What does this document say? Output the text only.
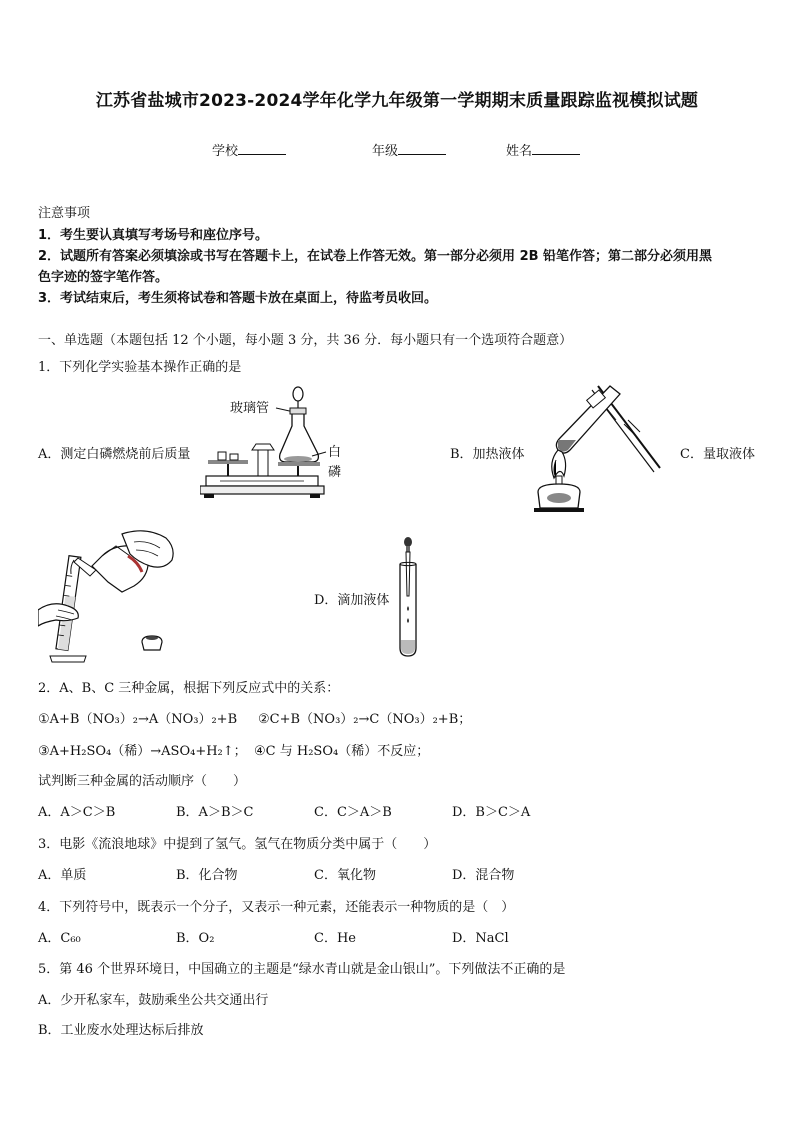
江苏省盐城市2023-2024学年化学九年级第一学期期末质量跟踪监视模拟试题
学校	年级	姓名
注意事项
1．考生要认真填写考场号和座位序号。
2．试题所有答案必须填涂或书写在答题卡上，在试卷上作答无效。第一部分必须用 2B 铅笔作答；第二部分必须用黑
色字迹的签字笔作答。
3．考试结束后，考生须将试卷和答题卡放在桌面上，待监考员收回。
一、单选题（本题包括 12 个小题，每小题 3 分，共 36 分．每小题只有一个选项符合题意）
1．下列化学实验基本操作正确的是
A．测定白磷燃烧前后质量	B．加热液体	C．量取液体
D．滴加液体
玻璃管
白
磷
2．A、B、C 三种金属，根据下列反应式中的关系：
①A+B（NO₃）₂→A（NO₃）₂+B ②C+B（NO₃）₂→C（NO₃）₂+B；
③A+H₂SO₄（稀）→ASO₄+H₂↑； ④C 与 H₂SO₄（稀）不反应；
试判断三种金属的活动顺序（　　）
A．A＞C＞B	B．A＞B＞C	C．C＞A＞B	D．B＞C＞A
3．电影《流浪地球》中提到了氢气。氢气在物质分类中属于（　　）
A．单质	B．化合物	C．氧化物	D．混合物
4．下列符号中，既表示一个分子，又表示一种元素，还能表示一种物质的是（　）
A．C₆₀	B．O₂	C．He	D．NaCl
5．第 46 个世界环境日，中国确立的主题是“绿水青山就是金山银山”。下列做法不正确的是
A．少开私家车，鼓励乘坐公共交通出行
B．工业废水处理达标后排放
